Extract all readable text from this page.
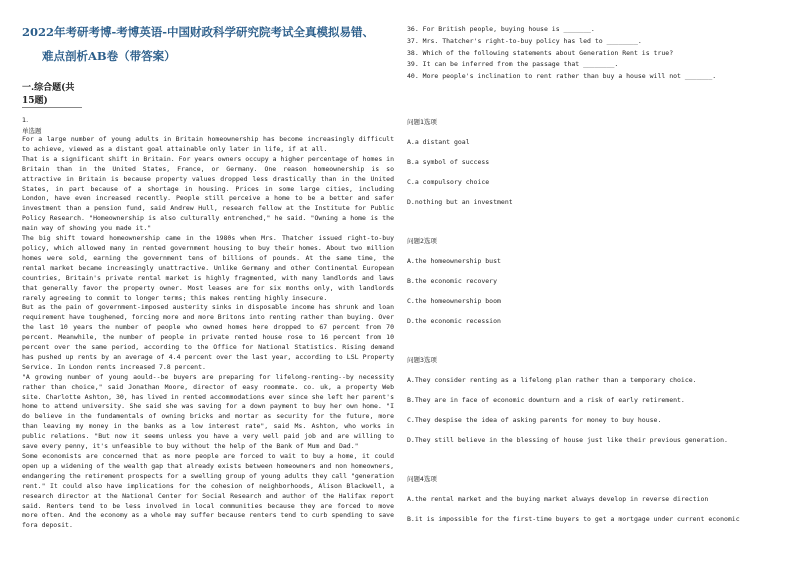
2022年考研考博-考博英语-中国财政科学研究院考试全真模拟易错、
难点剖析AB卷（带答案）
一.综合题(共15题)
1.
单选题

For a large number of young adults in Britain homeownership has become increasingly difficult to achieve, viewed as a distant goal attainable only later in life, if at all.

That is a significant shift in Britain. For years owners occupy a higher percentage of homes in Britain than in the United States, France, or Germany. One reason homeownership is so attractive in Britain is because property values dropped less drastically than in the United States, in part because of a shortage in housing. Prices in some large cities, including London, have even increased recently. People still perceive a home to be a better and safer investment than a pension fund, said Andrew Hull, research fellow at the Institute for Public Policy Research. "Homeownership is also culturally entrenched," he said. "Owning a home is the main way of showing you made it."

The big shift toward homeownership came in the 1980s when Mrs. Thatcher issued right-to-buy policy, which allowed many in rented government housing to buy their homes. About two million homes were sold, earning the government tens of billions of pounds. At the same time, the rental market became increasingly unattractive. Unlike Germany and other Continental European countries, Britain's private rental market is highly fragmented, with many landlords and laws that generally favor the property owner. Most leases are for six months only, with landlords rarely agreeing to commit to longer terms; this makes renting highly insecure.

But as the pain of government-imposed austerity sinks in disposable income has shrunk and loan requirement have toughened, forcing more and more Britons into renting rather than buying. Over the last 10 years the number of people who owned homes here dropped to 67 percent from 70 percent. Meanwhile, the number of people in private rented house rose to 16 percent from 10 percent over the same period, according to the Office for National Statistics. Rising demand has pushed up rents by an average of 4.4 percent over the last year, according to LSL Property Service. In London rents increased 7.8 percent.

"A growing number of young aould--be buyers are preparing for lifelong-renting--by necessity rather than choice," said Jonathan Moore, director of easy roommate. co. uk, a property Web site. Charlotte Ashton, 30, has lived in rented accommodations ever since she left her parent's home to attend university. She said she was saving for a down payment to buy her own home. "I do believe in the fundamentals of owning bricks and mortar as security for the future, more than leaving my money in the banks as a low interest rate", said Ms. Ashton, who works in public relations. "But now it seems unless you have a very well paid job and are willing to save every penny, it's unfeasible to buy without the help of the Bank of Mum and Dad."

Some economists are concerned that as more people are forced to wait to buy a home, it could open up a widening of the wealth gap that already exists between homeowners and non homeowners, endangering the retirement prospects for a swelling group of young adults they call "generation rent." It could also have implications for the cohesion of neighborhoods, Alison Blackwell, a research director at the National Center for Social Research and author of the Halifax report said. Renters tend to be less involved in local communities because they are forced to move more often. And the economy as a whole may suffer because renters tend to curb spending to save fora deposit.

36. For British people, buying house is _______.
37. Mrs. Thatcher's right-to-buy policy has led to ________.
38. Which of the following statements about Generation Rent is true?
39. It can be inferred from the passage that ________.
40. More people's inclination to rent rather than buy a house will not _______.
问题1选项
A.a distant goal
B.a symbol of success
C.a compulsory choice
D.nothing but an investment
问题2选项
A.the homeownership bust
B.the economic recovery
C.the homeownership boom
D.the economic recession
问题3选项
A.They consider renting as a lifelong plan rather than a temporary choice.
B.They are in face of economic downturn and a risk of early retirement.
C.They despise the idea of asking parents for money to buy house.
D.They still believe in the blessing of house just like their previous generation.
问题4选项
A.the rental market and the buying market always develop in reverse direction
B.it is impossible for the first-time buyers to get a mortgage under current economic
